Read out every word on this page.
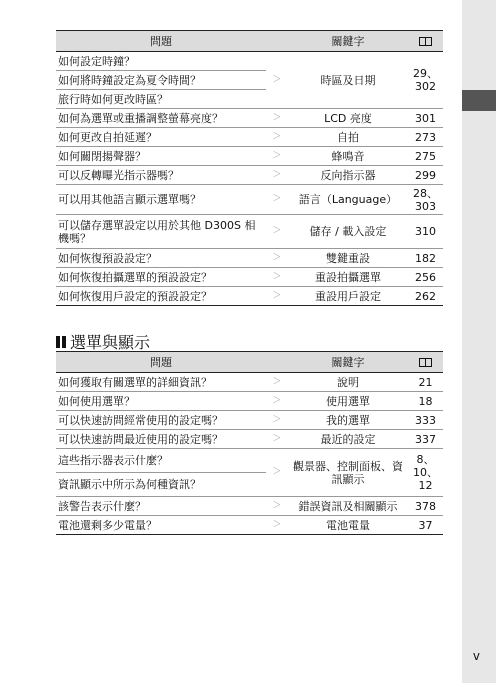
問題		關鍵字	
如何設定時鐘？	＞	時區及日期	29、302
如何將時鐘設定為夏令時間？			
旅行時如何更改時區？			
如何為選單或重播調整螢幕亮度？	＞	LCD 亮度	301
如何更改自拍延遲？	＞	自拍	273
如何關閉揚聲器？	＞	蜂鳴音	275
可以反轉曝光指示器嗎？	＞	反向指示器	299
可以用其他語言顯示選單嗎？	＞	語言（Language）	28、303
可以儲存選單設定以用於其他 D300S 相機嗎？	＞	儲存 / 載入設定	310
如何恢復預設設定？	＞	雙鍵重設	182
如何恢復拍攝選單的預設設定？	＞	重設拍攝選單	256
如何恢復用戶設定的預設設定？	＞	重設用戶設定	262
選單與顯示
問題		關鍵字	
如何獲取有關選單的詳細資訊？	＞	說明	21
如何使用選單？	＞	使用選單	18
可以快速訪問經常使用的設定嗎？	＞	我的選單	333
可以快速訪問最近使用的設定嗎？	＞	最近的設定	337
這些指示器表示什麼？	＞	觀景器、控制面板、資訊顯示	8、10、12
資訊顯示中所示為何種資訊？			
該警告表示什麼？	＞	錯誤資訊及相關顯示	378
電池還剩多少電量？	＞	電池電量	37
v
